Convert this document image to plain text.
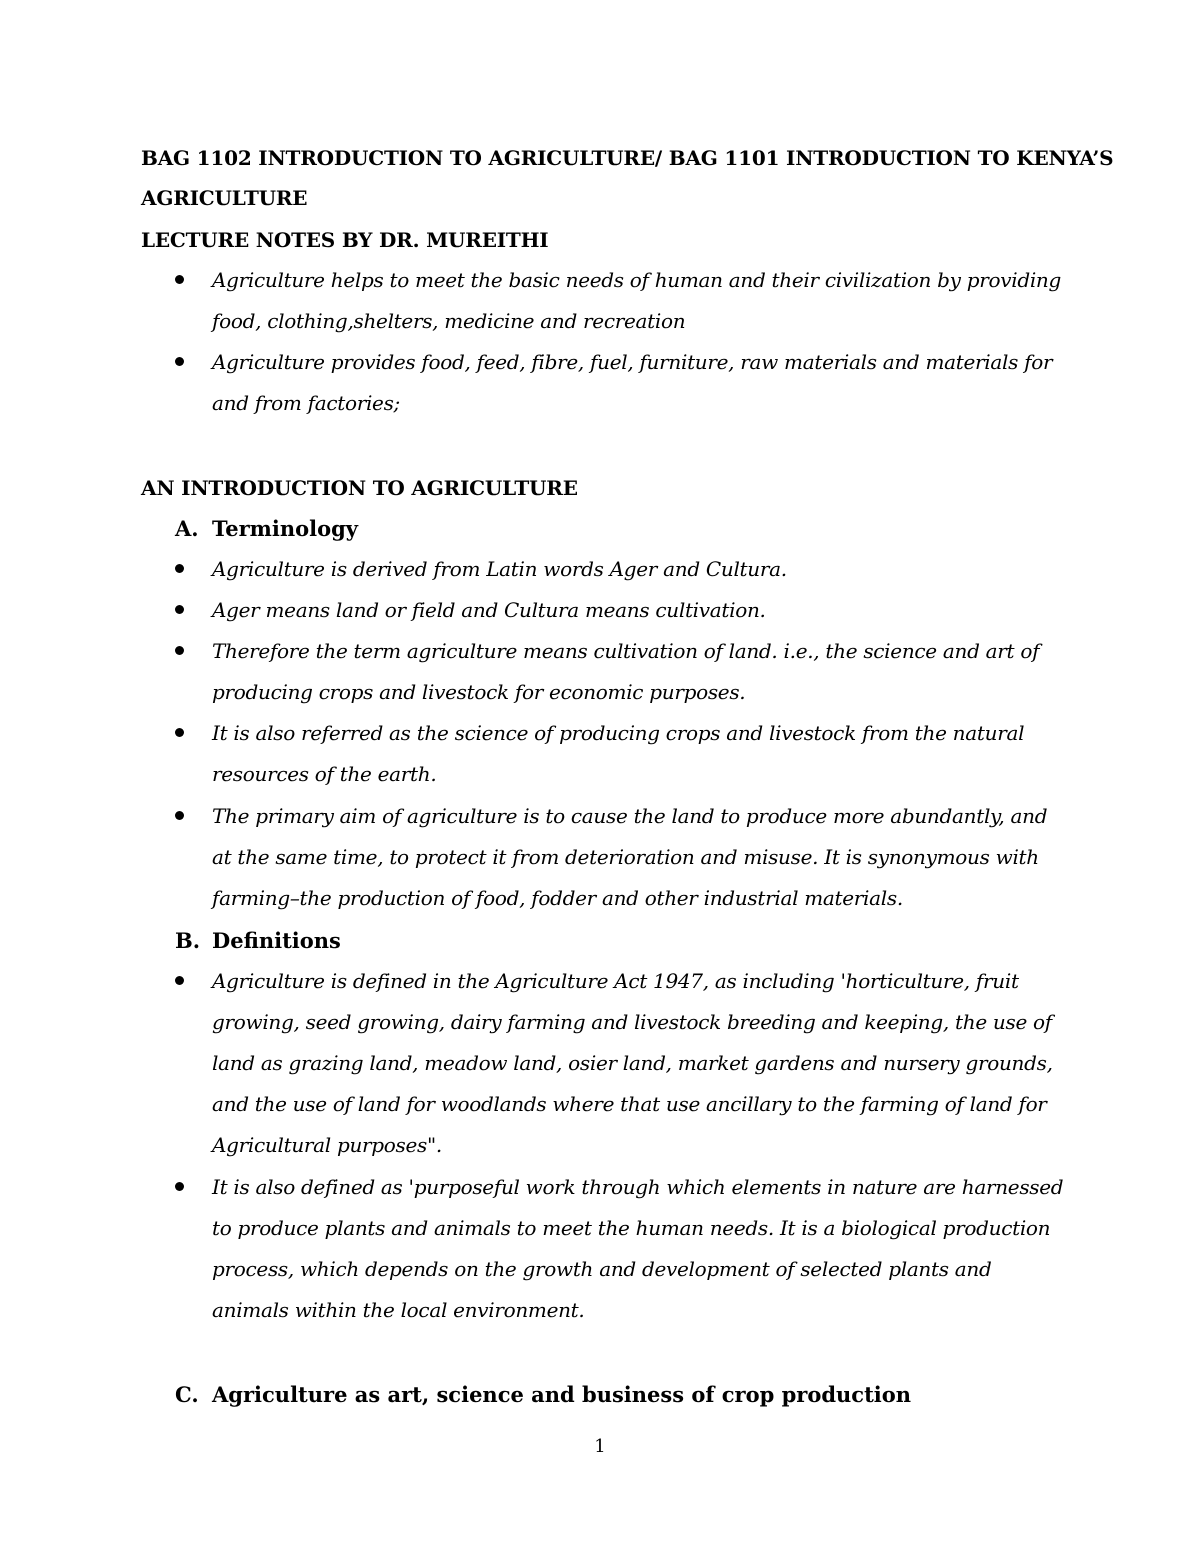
BAG 1102 INTRODUCTION TO AGRICULTURE/ BAG 1101 INTRODUCTION TO KENYA’S
AGRICULTURE
LECTURE NOTES BY DR. MUREITHI
Agriculture helps to meet the basic needs of human and their civilization by providing food, clothing,shelters, medicine and recreation
Agriculture provides food, feed, fibre, fuel, furniture, raw materials and materials for and from factories;
AN INTRODUCTION TO AGRICULTURE
A. Terminology
Agriculture is derived from Latin words Ager and Cultura.
Ager means land or field and Cultura means cultivation.
Therefore the term agriculture means cultivation of land. i.e., the science and art of producing crops and livestock for economic purposes.
It is also referred as the science of producing crops and livestock from the natural resources of the earth.
The primary aim of agriculture is to cause the land to produce more abundantly, and at the same time, to protect it from deterioration and misuse. It is synonymous with farming–the production of food, fodder and other industrial materials.
B. Definitions
Agriculture is defined in the Agriculture Act 1947, as including 'horticulture, fruit growing, seed growing, dairy farming and livestock breeding and keeping, the use of land as grazing land, meadow land, osier land, market gardens and nursery grounds, and the use of land for woodlands where that use ancillary to the farming of land for Agricultural purposes".
It is also defined as 'purposeful work through which elements in nature are harnessed to produce plants and animals to meet the human needs. It is a biological production process, which depends on the growth and development of selected plants and animals within the local environment.
C. Agriculture as art, science and business of crop production
1
